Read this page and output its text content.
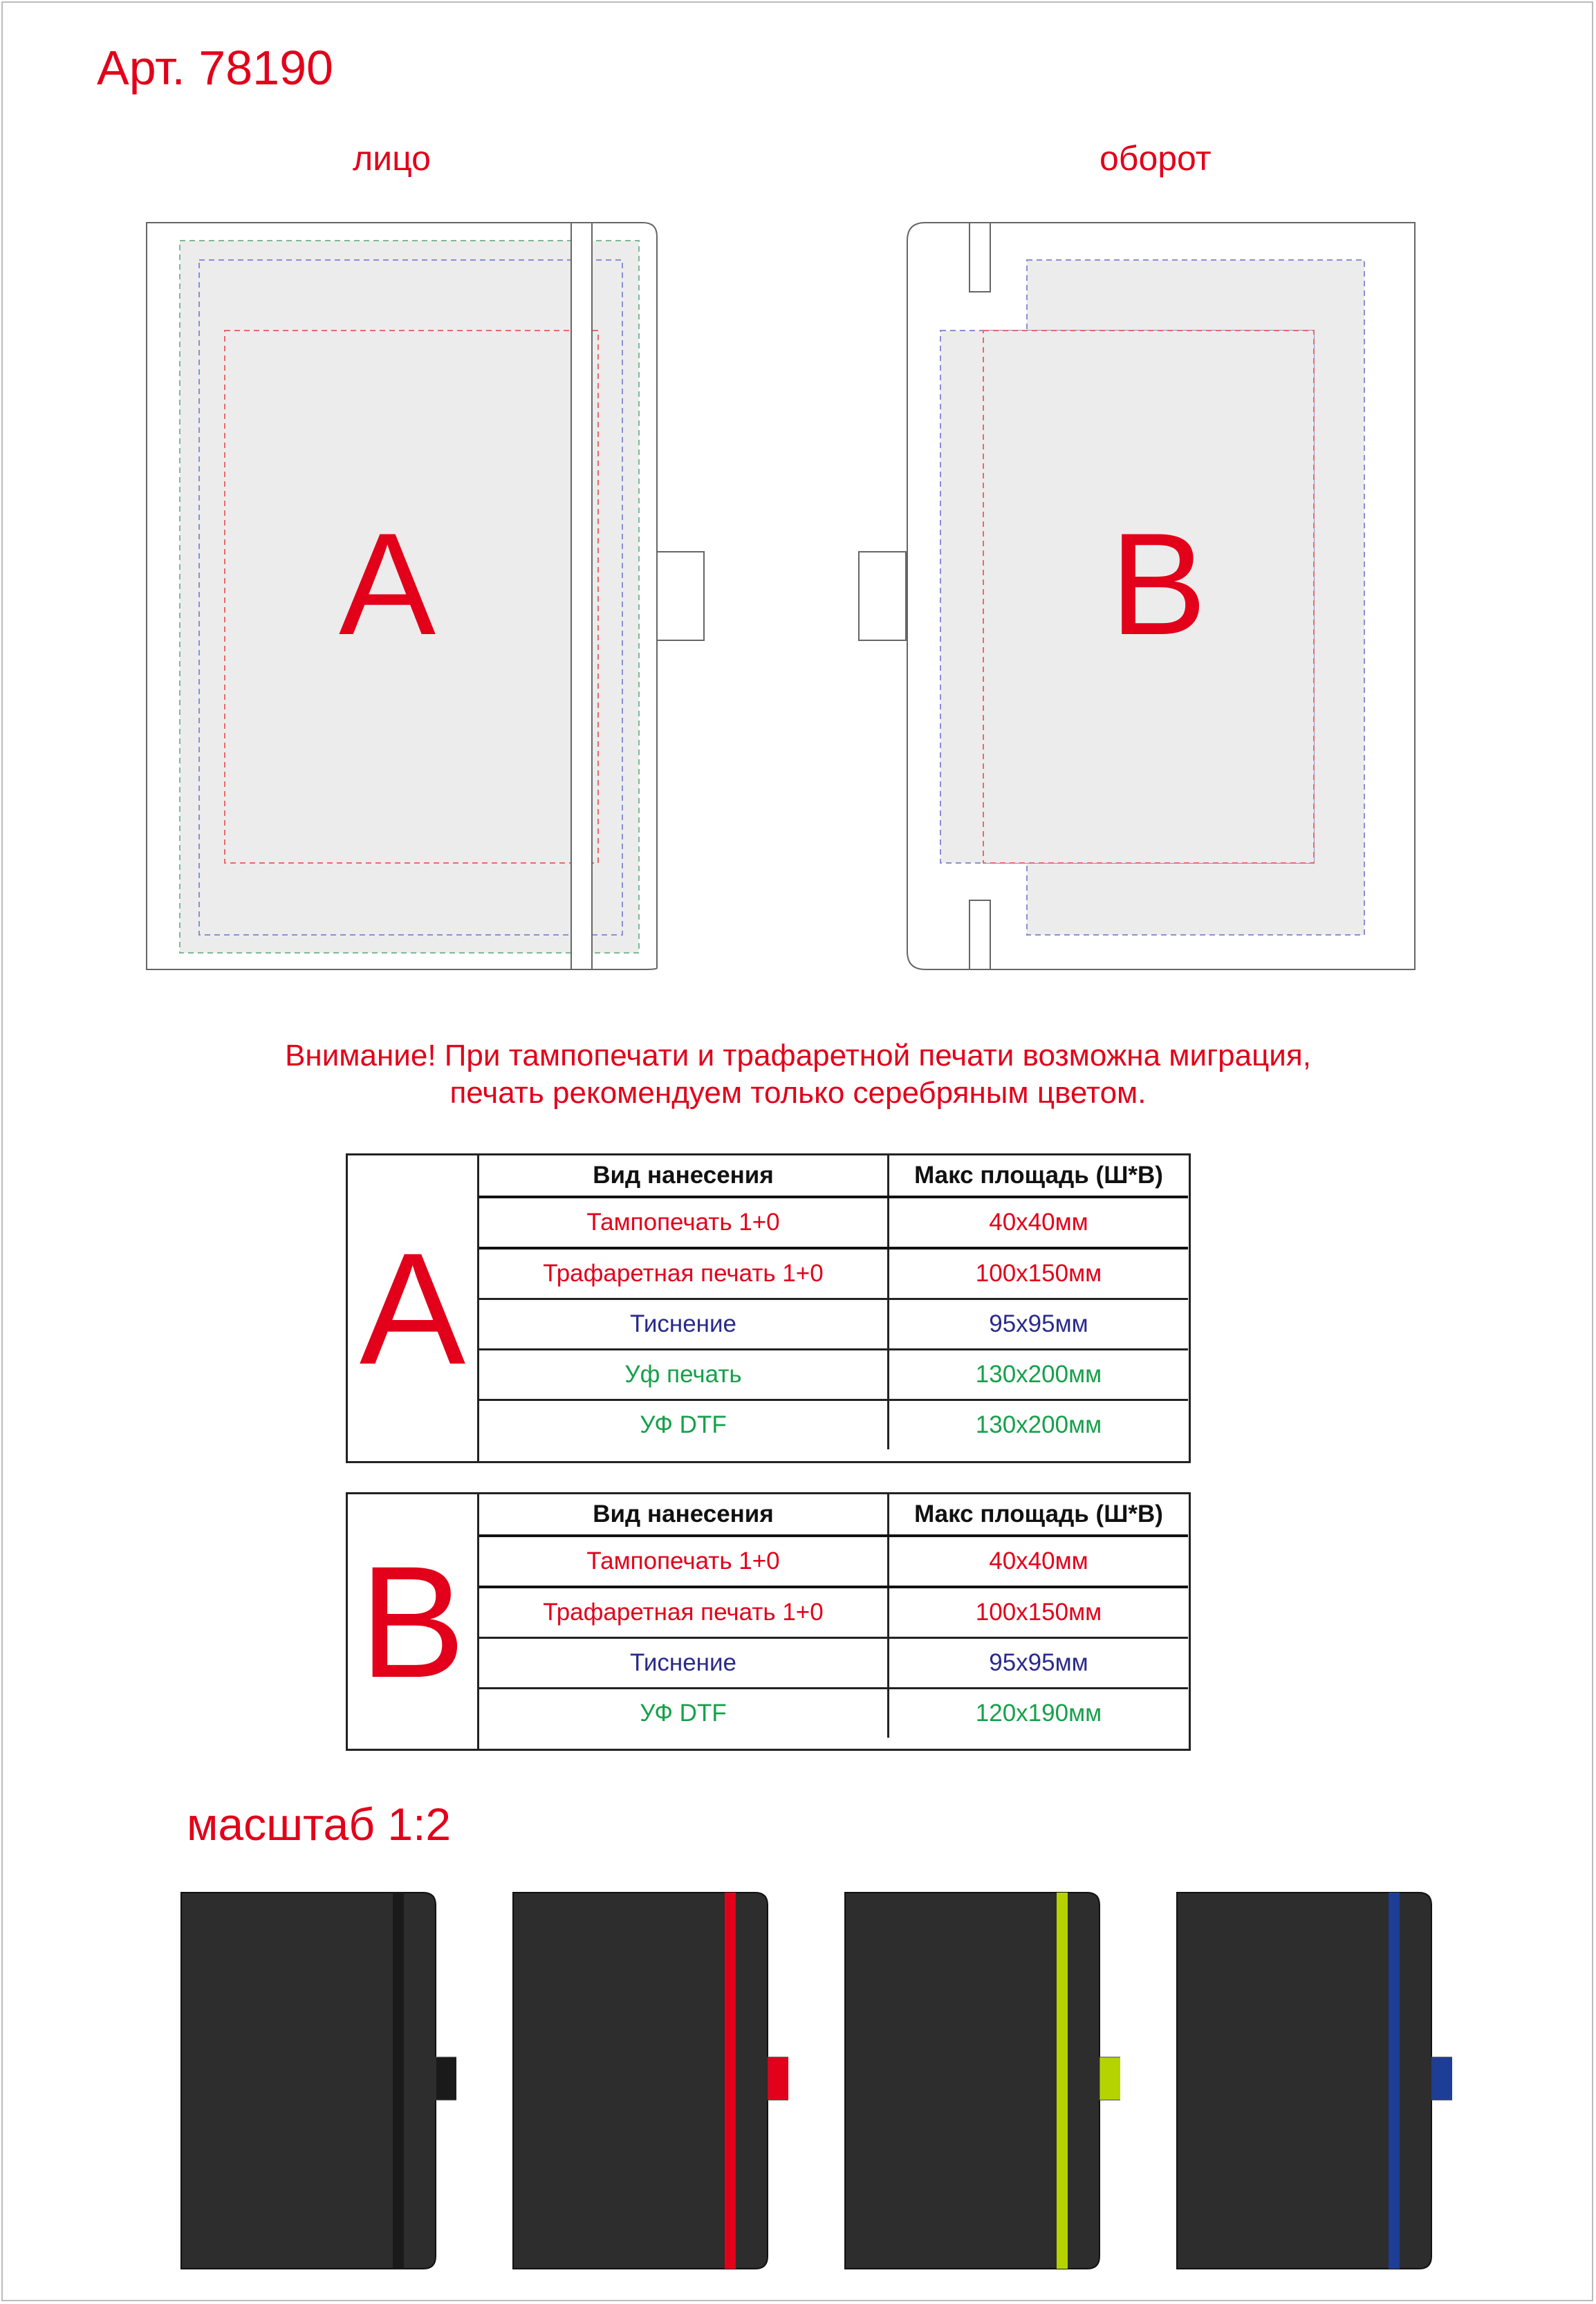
Арт. 78190
лицо	оборот
A	B
Внимание! При тампопечати и трафаретной печати возможна миграция,
печать рекомендуем только серебряным цветом.
A
Вид нанесения	Макс площадь (Ш*В)
Тампопечать 1+0	40х40мм
Трафаретная печать 1+0	100х150мм
Тиснение	95х95мм
Уф печать	130х200мм
УФ DTF	130х200мм
B
Вид нанесения	Макс площадь (Ш*В)
Тампопечать 1+0	40х40мм
Трафаретная печать 1+0	100х150мм
Тиснение	95х95мм
УФ DTF	120х190мм
масштаб 1:2
